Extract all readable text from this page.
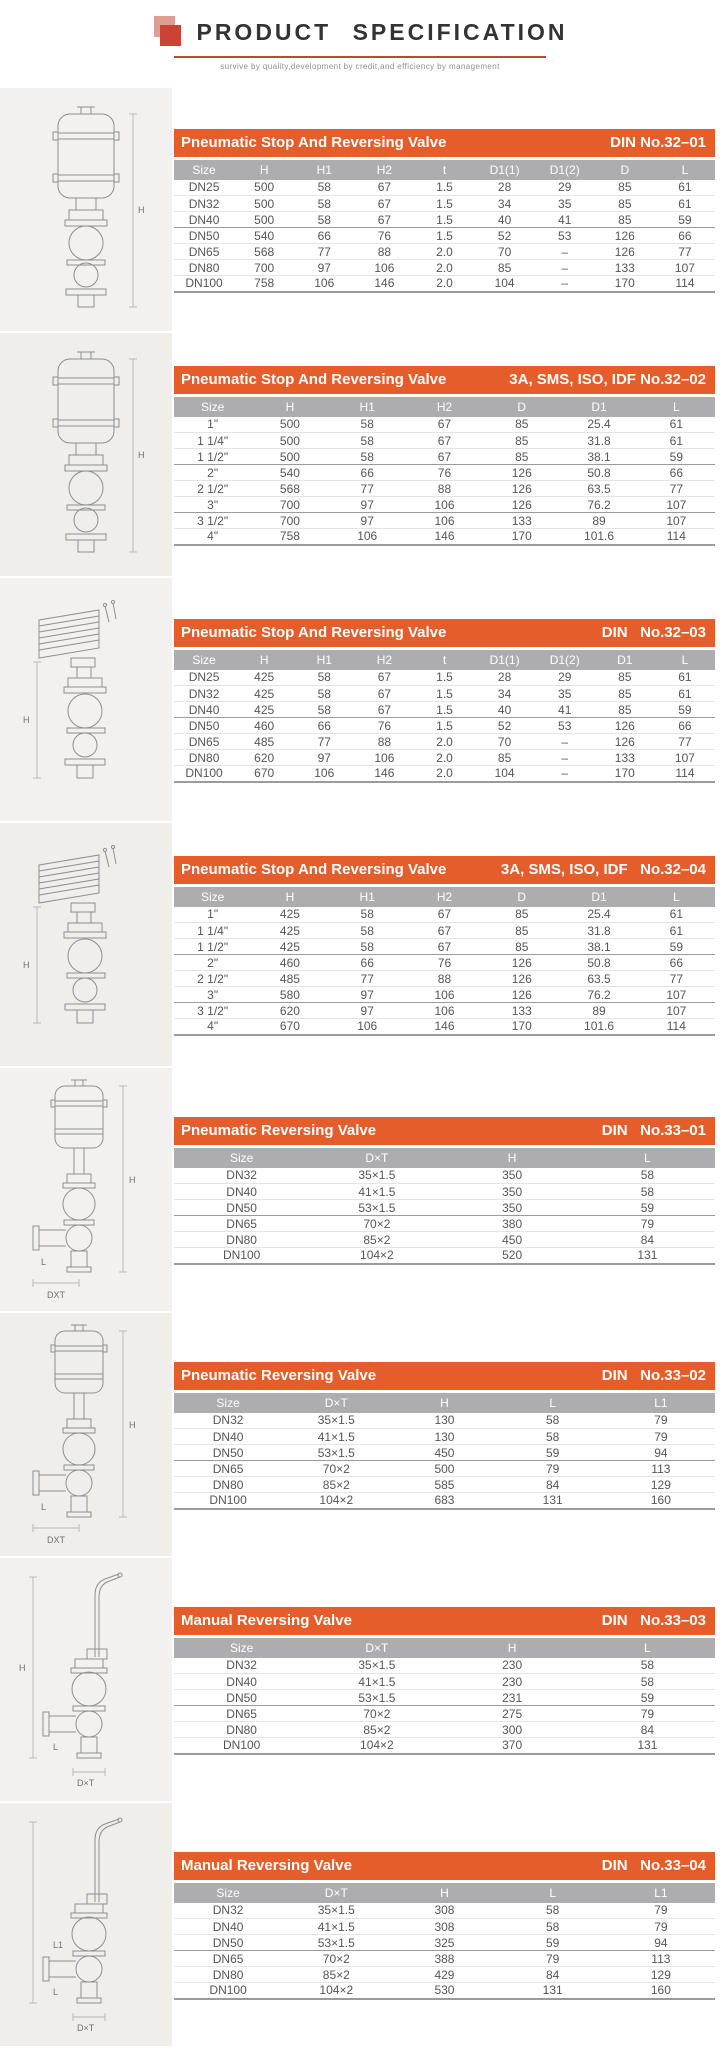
PRODUCT SPECIFICATION
survive by quality,development by credit,and efficiency by management
H
Pneumatic Stop And Reversing Valve	DIN No.32–01
Size	H	H1	H2	t	D1(1)	D1(2)	D	L
DN25	500	58	67	1.5	28	29	85	61
DN32	500	58	67	1.5	34	35	85	61
DN40	500	58	67	1.5	40	41	85	59
DN50	540	66	76	1.5	52	53	126	66
DN65	568	77	88	2.0	70	–	126	77
DN80	700	97	106	2.0	85	–	133	107
DN100	758	106	146	2.0	104	–	170	114
H
Pneumatic Stop And Reversing Valve	3A, SMS, ISO, IDF No.32–02
Size	H	H1	H2	D	D1	L
1"	500	58	67	85	25.4	61
1 1/4"	500	58	67	85	31.8	61
1 1/2"	500	58	67	85	38.1	59
2"	540	66	76	126	50.8	66
2 1/2"	568	77	88	126	63.5	77
3"	700	97	106	126	76.2	107
3 1/2"	700	97	106	133	89	107
4"	758	106	146	170	101.6	114
H
Pneumatic Stop And Reversing Valve	DIN   No.32–03
Size	H	H1	H2	t	D1(1)	D1(2)	D1	L
DN25	425	58	67	1.5	28	29	85	61
DN32	425	58	67	1.5	34	35	85	61
DN40	425	58	67	1.5	40	41	85	59
DN50	460	66	76	1.5	52	53	126	66
DN65	485	77	88	2.0	70	–	126	77
DN80	620	97	106	2.0	85	–	133	107
DN100	670	106	146	2.0	104	–	170	114
H
Pneumatic Stop And Reversing Valve	3A, SMS, ISO, IDF   No.32–04
Size	H	H1	H2	D	D1	L
1"	425	58	67	85	25.4	61
1 1/4"	425	58	67	85	31.8	61
1 1/2"	425	58	67	85	38.1	59
2"	460	66	76	126	50.8	66
2 1/2"	485	77	88	126	63.5	77
3"	580	97	106	126	76.2	107
3 1/2"	620	97	106	133	89	107
4"	670	106	146	170	101.6	114
H
L
DXT
Pneumatic Reversing Valve	DIN   No.33–01
Size	D×T	H	L
DN32	35×1.5	350	58
DN40	41×1.5	350	58
DN50	53×1.5	350	59
DN65	70×2	380	79
DN80	85×2	450	84
DN100	104×2	520	131
H
L
DXT
Pneumatic Reversing Valve	DIN   No.33–02
Size	D×T	H	L	L1
DN32	35×1.5	130	58	79
DN40	41×1.5	130	58	79
DN50	53×1.5	450	59	94
DN65	70×2	500	79	113
DN80	85×2	585	84	129
DN100	104×2	683	131	160
H
L
D×T
Manual Reversing Valve	DIN   No.33–03
Size	D×T	H	L
DN32	35×1.5	230	58
DN40	41×1.5	230	58
DN50	53×1.5	231	59
DN65	70×2	275	79
DN80	85×2	300	84
DN100	104×2	370	131
L1
L
D×T
Manual Reversing Valve	DIN   No.33–04
Size	D×T	H	L	L1
DN32	35×1.5	308	58	79
DN40	41×1.5	308	58	79
DN50	53×1.5	325	59	94
DN65	70×2	388	79	113
DN80	85×2	429	84	129
DN100	104×2	530	131	160
